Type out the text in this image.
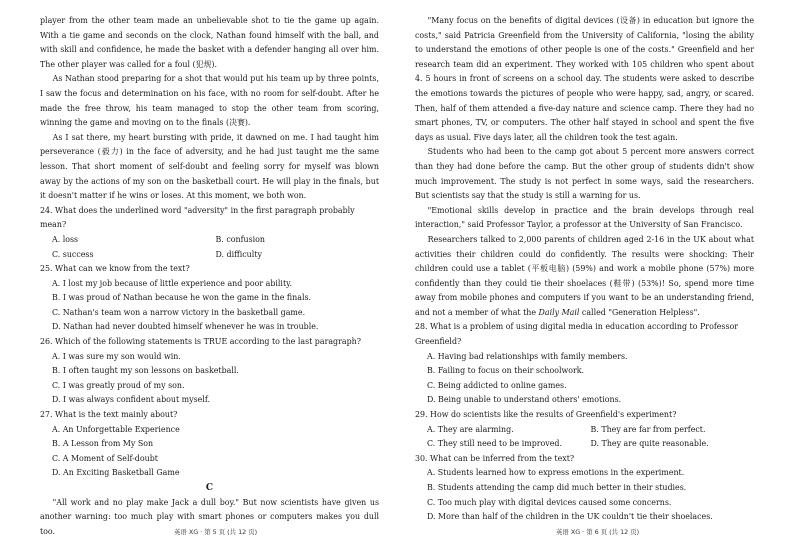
player from the other team made an unbelievable shot to tie the game up again. With a tie game and seconds on the clock, Nathan found himself with the ball, and with skill and confidence, he made the basket with a defender hanging all over him. The other player was called for a foul (犯规).

As Nathan stood preparing for a shot that would put his team up by three points, I saw the focus and determination on his face, with no room for self-doubt. After he made the free throw, his team managed to stop the other team from scoring, winning the game and moving on to the finals (决赛).

As I sat there, my heart bursting with pride, it dawned on me. I had taught him perseverance (毅力) in the face of adversity, and he had just taught me the same lesson. That short moment of self-doubt and feeling sorry for myself was blown away by the actions of my son on the basketball court. He will play in the finals, but it doesn't matter if he wins or loses. At this moment, we both won.

24. What does the underlined word "adversity" in the first paragraph probably mean?
A. loss	B. confusion
C. success	D. difficulty
25. What can we know from the text?
A. I lost my job because of little experience and poor ability.
B. I was proud of Nathan because he won the game in the finals.
C. Nathan's team won a narrow victory in the basketball game.
D. Nathan had never doubted himself whenever he was in trouble.
26. Which of the following statements is TRUE according to the last paragraph?
A. I was sure my son would win.
B. I often taught my son lessons on basketball.
C. I was greatly proud of my son.
D. I was always confident about myself.
27. What is the text mainly about?
A. An Unforgettable Experience
B. A Lesson from My Son
C. A Moment of Self-doubt
D. An Exciting Basketball Game
C

"All work and no play make Jack a dull boy." But now scientists have given us another warning: too much play with smart phones or computers makes you dull too.

"Many focus on the benefits of digital devices (设备) in education but ignore the costs," said Patricia Greenfield from the University of California, "losing the ability to understand the emotions of other people is one of the costs." Greenfield and her research team did an experiment. They worked with 105 children who spent about 4. 5 hours in front of screens on a school day. The students were asked to describe the emotions towards the pictures of people who were happy, sad, angry, or scared. Then, half of them attended a five-day nature and science camp. There they had no smart phones, TV, or computers. The other half stayed in school and spent the five days as usual. Five days later, all the children took the test again.

Students who had been to the camp got about 5 percent more answers correct than they had done before the camp. But the other group of students didn't show much improvement. The study is not perfect in some ways, said the researchers. But scientists say that the study is still a warning for us.

"Emotional skills develop in practice and the brain develops through real interaction," said Professor Taylor, a professor at the University of San Francisco.

Researchers talked to 2,000 parents of children aged 2-16 in the UK about what activities their children could do confidently. The results were shocking: Their children could use a tablet (平板电脑) (59%) and work a mobile phone (57%) more confidently than they could tie their shoelaces (鞋带) (53%)! So, spend more time away from mobile phones and computers if you want to be an understanding friend, and not a member of what the Daily Mail called "Generation Helpless".

28. What is a problem of using digital media in education according to Professor Greenfield?
A. Having bad relationships with family members.
B. Failing to focus on their schoolwork.
C. Being addicted to online games.
D. Being unable to understand others' emotions.
29. How do scientists like the results of Greenfield's experiment?
A. They are alarming.	B. They are far from perfect.
C. They still need to be improved.	D. They are quite reasonable.
30. What can be inferred from the text?
A. Students learned how to express emotions in the experiment.
B. Students attending the camp did much better in their studies.
C. Too much play with digital devices caused some concerns.
D. More than half of the children in the UK couldn't tie their shoelaces.
英语 XG · 第 5 页 (共 12 页)	英语 XG · 第 6 页 (共 12 页)
